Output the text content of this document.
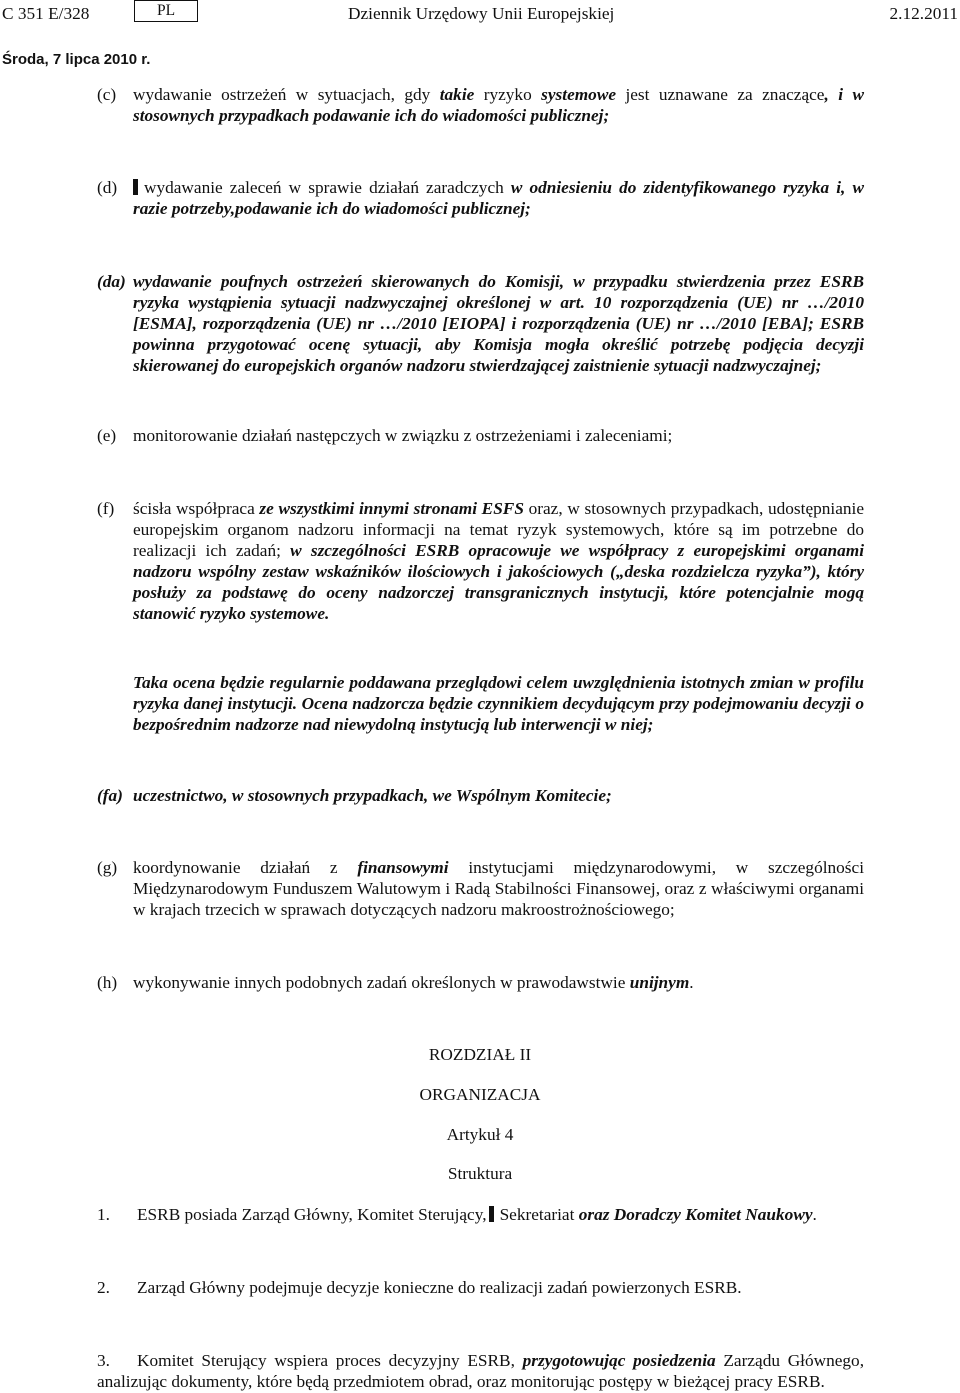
C 351 E/328	PL	Dziennik Urzędowy Unii Europejskiej	2.12.2011
Środa, 7 lipca 2010 r.
(c) wydawanie ostrzeżeń w sytuacjach, gdy takie ryzyko systemowe jest uznawane za znaczące, i w stosownych przypadkach podawanie ich do wiadomości publicznej;
(d)	wydawanie zaleceń w sprawie działań zaradczych w odniesieniu do zidentyfikowanego ryzyka i, w razie potrzeby,podawanie ich do wiadomości publicznej;
(da) wydawanie poufnych ostrzeżeń skierowanych do Komisji, w przypadku stwierdzenia przez ESRB ryzyka wystąpienia sytuacji nadzwyczajnej określonej w art. 10 rozporządzenia (UE) nr …/2010 [ESMA], rozporządzenia (UE) nr …/2010 [EIOPA] i rozporządzenia (UE) nr …/2010 [EBA]; ESRB powinna przygotować ocenę sytuacji, aby Komisja mogła określić potrzebę podjęcia decyzji skierowanej do europejskich organów nadzoru stwierdzającej zaistnienie sytuacji nadzwyczajnej;
(e) monitorowanie działań następczych w związku z ostrzeżeniami i zaleceniami;
(f)	ścisła współpraca ze wszystkimi innymi stronami ESFS oraz, w stosownych przypadkach, udostępnianie europejskim organom nadzoru informacji na temat ryzyk systemowych, które są im potrzebne do realizacji ich zadań; w szczególności ESRB opracowuje we współpracy z europejskimi organami nadzoru wspólny zestaw wskaźników ilościowych i jakościowych („deska rozdzielcza ryzyka”), który posłuży za podstawę do oceny nadzorczej transgranicznych instytucji, które potencjalnie mogą stanowić ryzyko systemowe.
Taka ocena będzie regularnie poddawana przeglądowi celem uwzględnienia istotnych zmian w profilu ryzyka danej instytucji. Ocena nadzorcza będzie czynnikiem decydującym przy podejmowaniu decyzji o bezpośrednim nadzorze nad niewydolną instytucją lub interwencji w niej;
(fa) uczestnictwo, w stosownych przypadkach, we Wspólnym Komitecie;
(g) koordynowanie działań z finansowymi instytucjami międzynarodowymi, w szczególności Międzynarodowym Funduszem Walutowym i Radą Stabilności Finansowej, oraz z właściwymi organami w krajach trzecich w sprawach dotyczących nadzoru makroostrożnościowego;
(h) wykonywanie innych podobnych zadań określonych w prawodawstwie unijnym.
ROZDZIAŁ II
ORGANIZACJA
Artykuł 4
Struktura
1.	ESRB posiada Zarząd Główny, Komitet Sterujący, Sekretariat oraz Doradczy Komitet Naukowy.
2.	Zarząd Główny podejmuje decyzje konieczne do realizacji zadań powierzonych ESRB.
3. Komitet Sterujący wspiera proces decyzyjny ESRB, przygotowując posiedzenia Zarządu Głównego, analizując dokumenty, które będą przedmiotem obrad, oraz monitorując postępy w bieżącej pracy ESRB.
